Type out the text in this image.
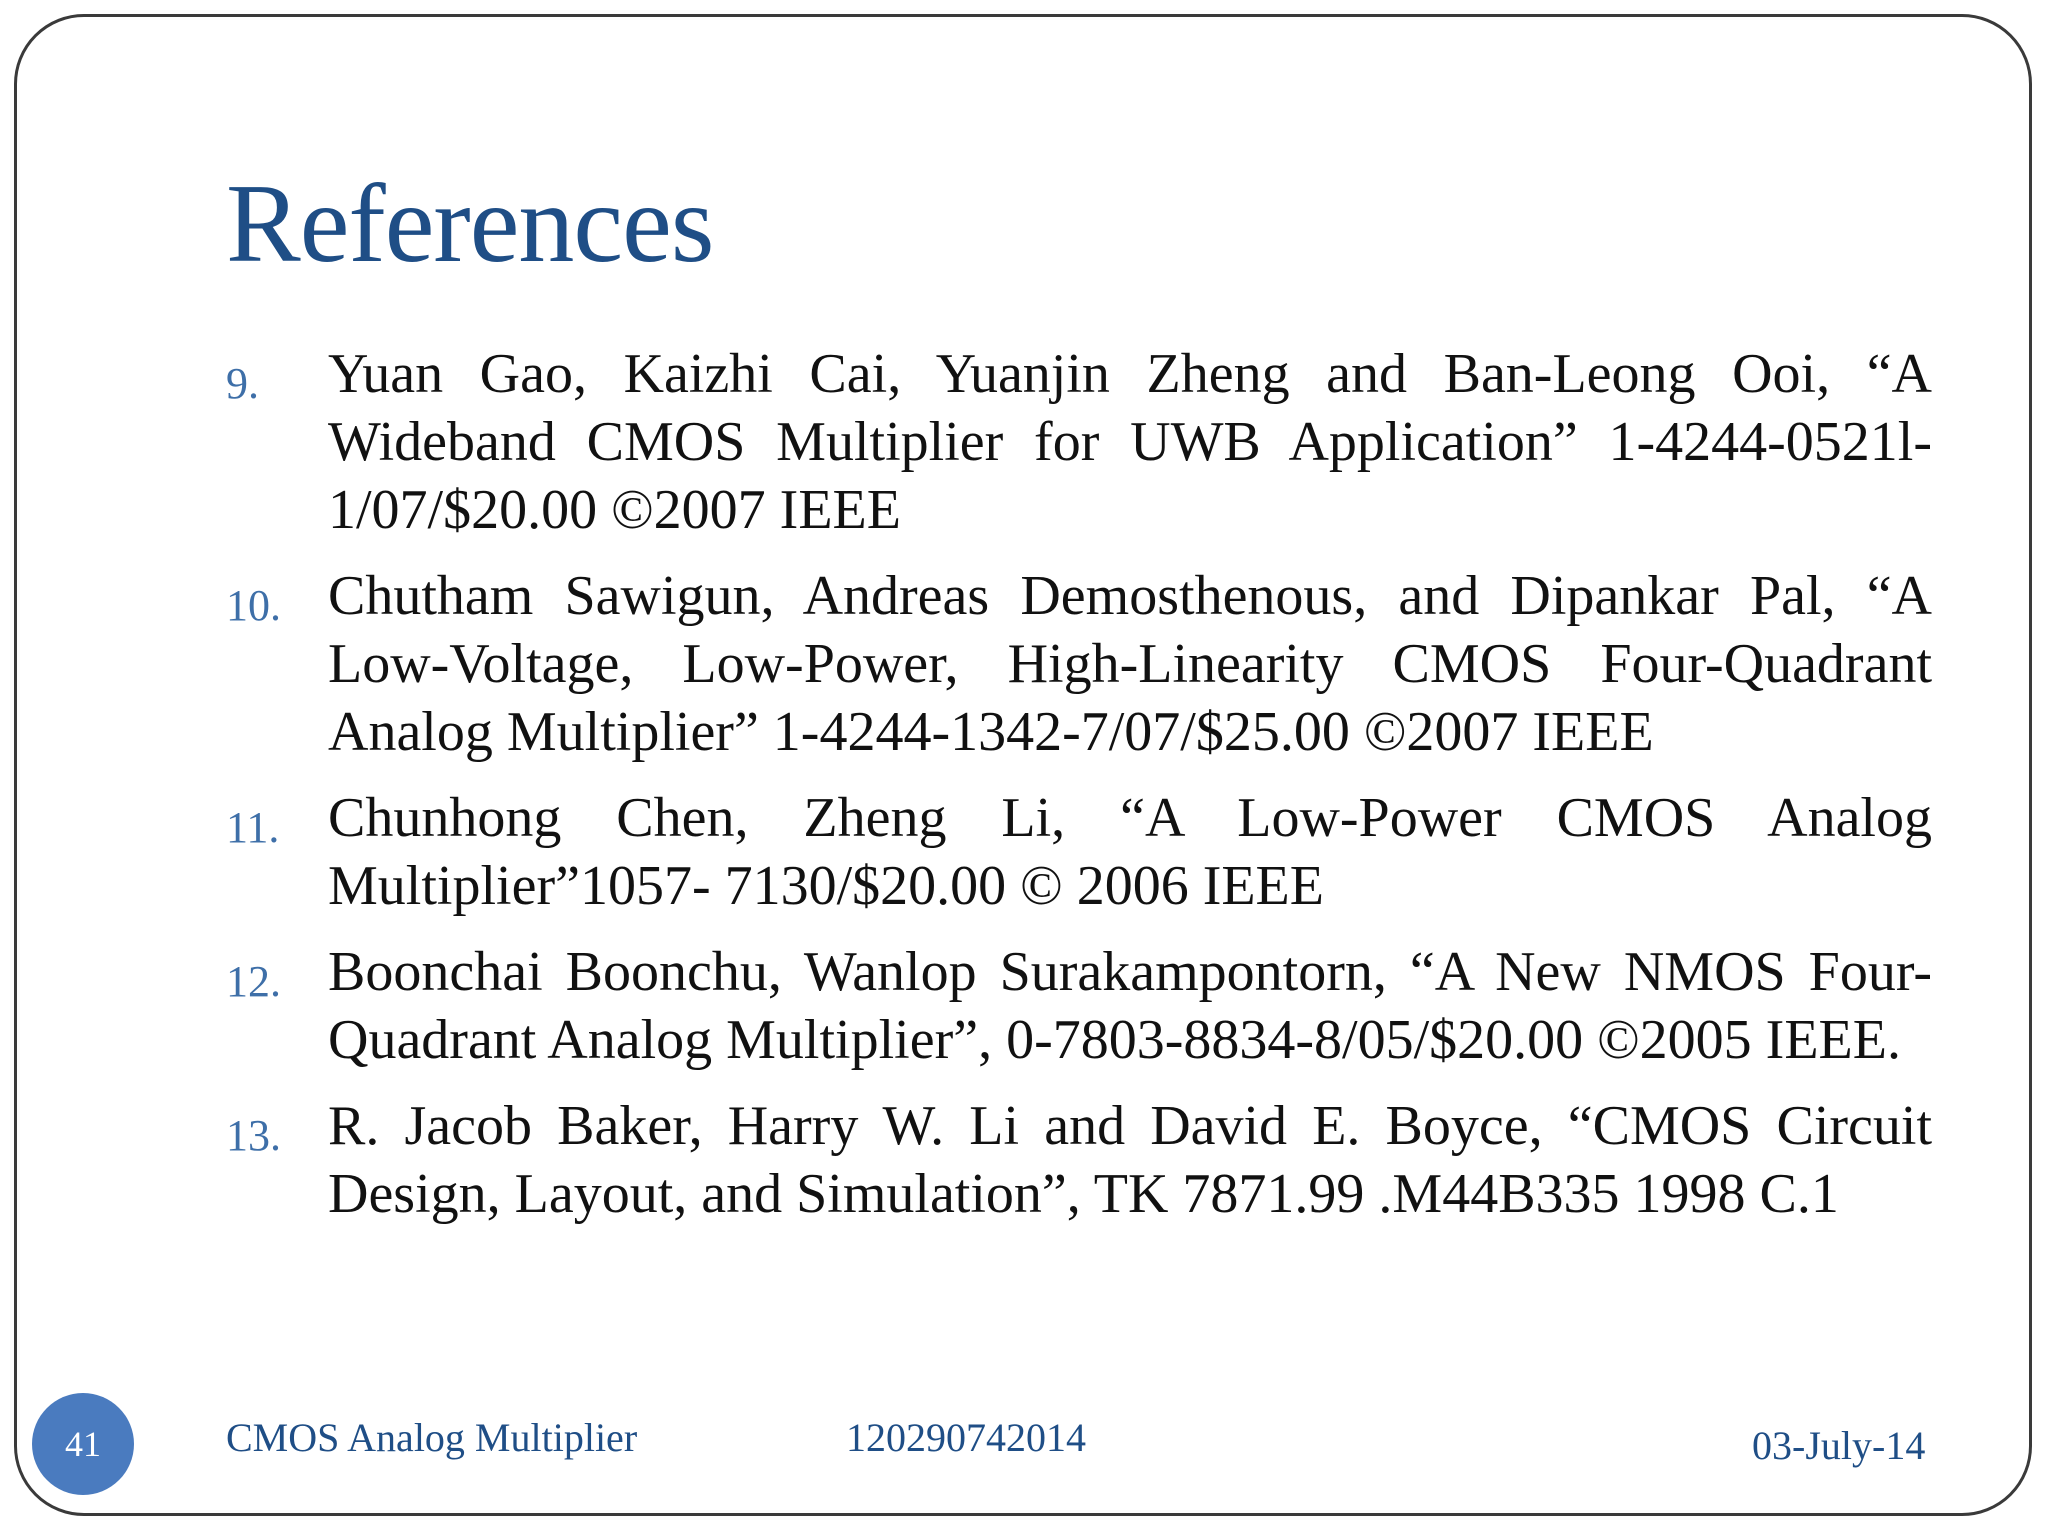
References
9. Yuan Gao, Kaizhi Cai, Yuanjin Zheng and Ban-Leong Ooi, “A Wideband CMOS Multiplier for UWB Application” 1-4244-0521l-1/07/$20.00 ©2007 IEEE
10. Chutham Sawigun, Andreas Demosthenous, and Dipankar Pal, “A Low-Voltage, Low-Power, High-Linearity CMOS Four-Quadrant Analog Multiplier” 1-4244-1342-7/07/$25.00 ©2007 IEEE
11. Chunhong Chen, Zheng Li, “A Low-Power CMOS Analog Multiplier”1057- 7130/$20.00 © 2006 IEEE
12. Boonchai Boonchu, Wanlop Surakampontorn, “A New NMOS Four-Quadrant Analog Multiplier”, 0-7803-8834-8/05/$20.00 ©2005 IEEE.
13. R. Jacob Baker, Harry W. Li and David E. Boyce, “CMOS Circuit Design, Layout, and Simulation”, TK 7871.99 .M44B335 1998 C.1
41	CMOS Analog Multiplier	120290742014	03-July-14
